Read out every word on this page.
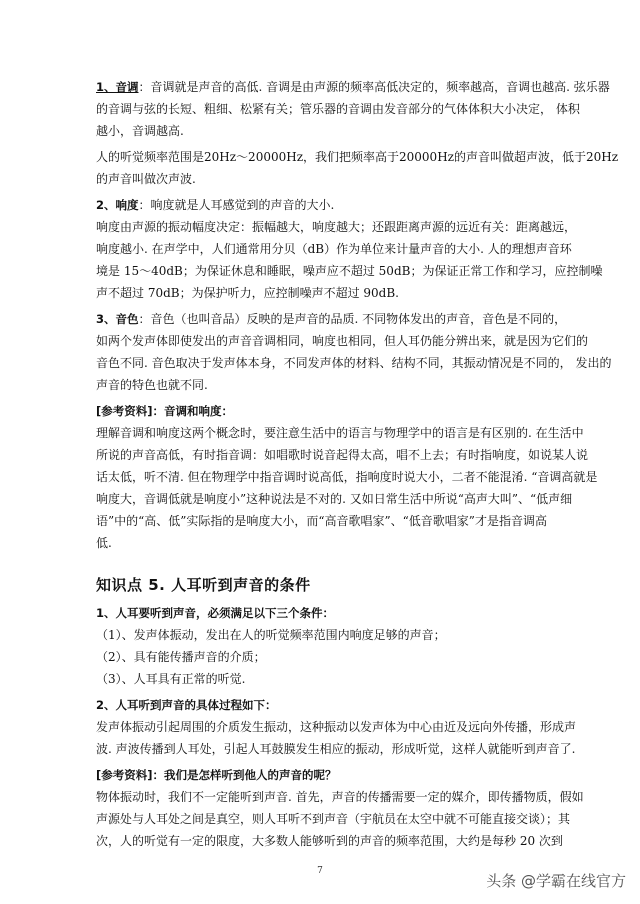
1、音调：音调就是声音的高低. 音调是由声源的频率高低决定的，频率越高，音调也越高. 弦乐器

的音调与弦的长短、粗细、松紧有关；管乐器的音调由发音部分的气体体积大小决定， 体积

越小，音调越高.

人的听觉频率范围是20Hz～20000Hz，我们把频率高于20000Hz的声音叫做超声波，低于20Hz

的声音叫做次声波.

2、响度：响度就是人耳感觉到的声音的大小.

响度由声源的振动幅度决定：振幅越大，响度越大；还跟距离声源的远近有关：距离越远，

响度越小. 在声学中，人们通常用分贝（dB）作为单位来计量声音的大小. 人的理想声音环

境是 15～40dB；为保证休息和睡眠，噪声应不超过 50dB；为保证正常工作和学习，应控制噪

声不超过 70dB；为保护听力，应控制噪声不超过 90dB.

3、音色：音色（也叫音品）反映的是声音的品质. 不同物体发出的声音，音色是不同的，

如两个发声体即使发出的声音音调相同，响度也相同，但人耳仍能分辨出来，就是因为它们的

音色不同. 音色取决于发声体本身，不同发声体的材料、结构不同，其振动情况是不同的， 发出的

声音的特色也就不同.

[参考资料]：音调和响度：

理解音调和响度这两个概念时，要注意生活中的语言与物理学中的语言是有区别的. 在生活中

所说的声音高低，有时指音调：如唱歌时说音起得太高，唱不上去；有时指响度，如说某人说

话太低，听不清. 但在物理学中指音调时说高低，指响度时说大小，二者不能混淆. “音调高就是

响度大，音调低就是响度小”这种说法是不对的. 又如日常生活中所说“高声大叫”、“低声细

语”中的“高、低”实际指的是响度大小，而“高音歌唱家”、“低音歌唱家”才是指音调高

低.

知识点 5. 人耳听到声音的条件

1、人耳要听到声音，必须满足以下三个条件：

（1）、发声体振动，发出在人的听觉频率范围内响度足够的声音；

（2）、具有能传播声音的介质；

（3）、人耳具有正常的听觉.

2、人耳听到声音的具体过程如下：

发声体振动引起周围的介质发生振动，这种振动以发声体为中心由近及远向外传播，形成声

波. 声波传播到人耳处，引起人耳鼓膜发生相应的振动，形成听觉，这样人就能听到声音了.

[参考资料]：我们是怎样听到他人的声音的呢？

物体振动时，我们不一定能听到声音. 首先，声音的传播需要一定的媒介，即传播物质，假如

声源处与人耳处之间是真空，则人耳听不到声音（宇航员在太空中就不可能直接交谈）；其

次，人的听觉有一定的限度，大多数人能够听到的声音的频率范围，大约是每秒 20 次到

7
头条 @学霸在线官方
